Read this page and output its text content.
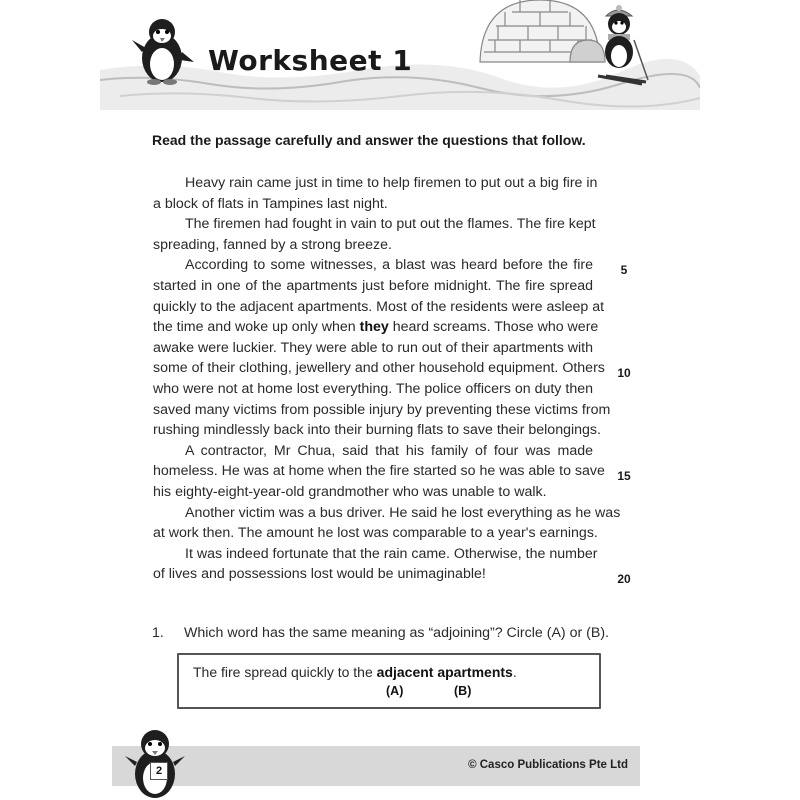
Worksheet 1
Read the passage carefully and answer the questions that follow.
Heavy rain came just in time to help firemen to put out a big fire in
a block of flats in Tampines last night.
The firemen had fought in vain to put out the flames. The fire kept
spreading, fanned by a strong breeze.
According to some witnesses, a blast was heard before the fire
started in one of the apartments just before midnight. The fire spread
quickly to the adjacent apartments. Most of the residents were asleep at
the time and woke up only when they heard screams. Those who were
awake were luckier. They were able to run out of their apartments with
some of their clothing, jewellery and other household equipment. Others
who were not at home lost everything. The police officers on duty then
saved many victims from possible injury by preventing these victims from
rushing mindlessly back into their burning flats to save their belongings.
A contractor, Mr Chua, said that his family of four was made
homeless. He was at home when the fire started so he was able to save
his eighty-eight-year-old grandmother who was unable to walk.
Another victim was a bus driver. He said he lost everything as he was
at work then. The amount he lost was comparable to a year's earnings.
It was indeed fortunate that the rain came. Otherwise, the number
of lives and possessions lost would be unimaginable!
5
10
15
20
1. Which word has the same meaning as “adjoining”? Circle (A) or (B).
The fire spread quickly to the adjacent apartments.
(A)	(B)
© Casco Publications Pte Ltd
2
